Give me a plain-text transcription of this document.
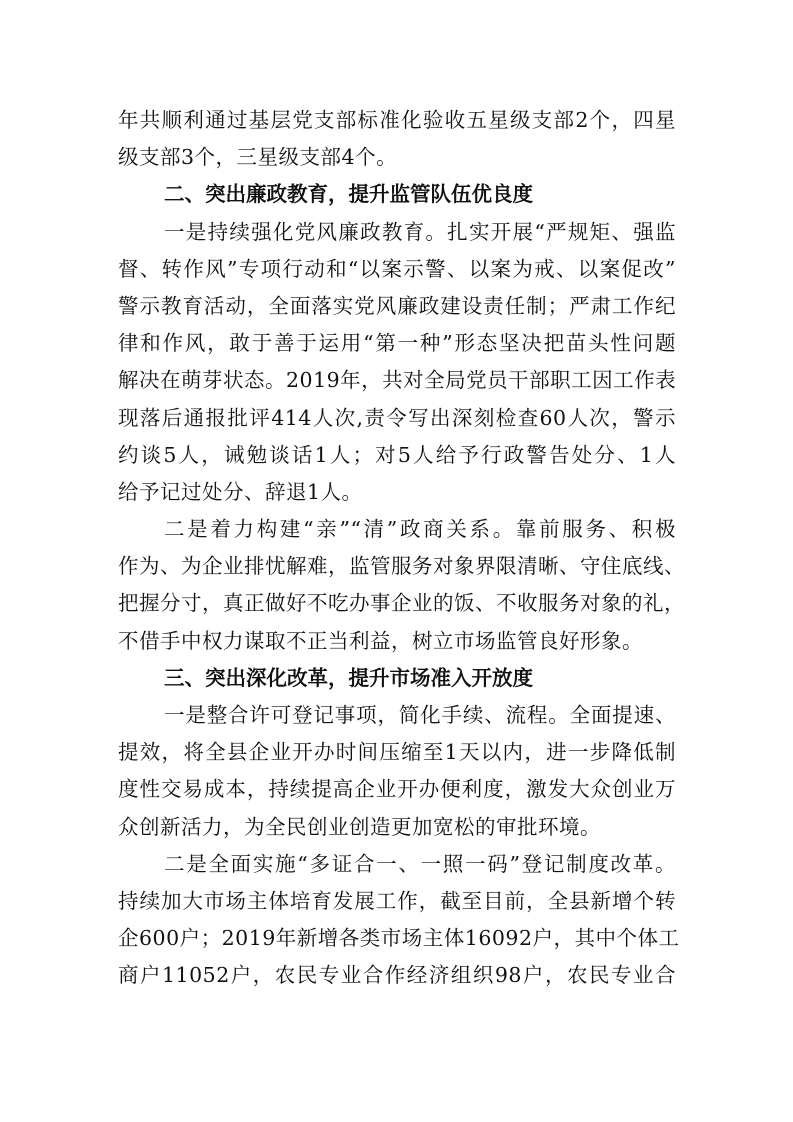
年共顺利通过基层党支部标准化验收五星级支部2个，四星
级支部3个，三星级支部4个。
二、突出廉政教育，提升监管队伍优良度
一是持续强化党风廉政教育。扎实开展“严规矩、强监
督、转作风”专项行动和“以案示警、以案为戒、以案促改”
警示教育活动，全面落实党风廉政建设责任制；严肃工作纪
律和作风，敢于善于运用“第一种”形态坚决把苗头性问题
解决在萌芽状态。2019年，共对全局党员干部职工因工作表
现落后通报批评414人次,责令写出深刻检查60人次，警示
约谈5人，诫勉谈话1人；对5人给予行政警告处分、1人
给予记过处分、辞退1人。
二是着力构建“亲”“清”政商关系。靠前服务、积极
作为、为企业排忧解难，监管服务对象界限清晰、守住底线、
把握分寸，真正做好不吃办事企业的饭、不收服务对象的礼，
不借手中权力谋取不正当利益，树立市场监管良好形象。
三、突出深化改革，提升市场准入开放度
一是整合许可登记事项，简化手续、流程。全面提速、
提效，将全县企业开办时间压缩至1天以内，进一步降低制
度性交易成本，持续提高企业开办便利度，激发大众创业万
众创新活力，为全民创业创造更加宽松的审批环境。
二是全面实施“多证合一、一照一码”登记制度改革。
持续加大市场主体培育发展工作，截至目前，全县新增个转
企600户；2019年新增各类市场主体16092户，其中个体工
商户11052户，农民专业合作经济组织98户，农民专业合
